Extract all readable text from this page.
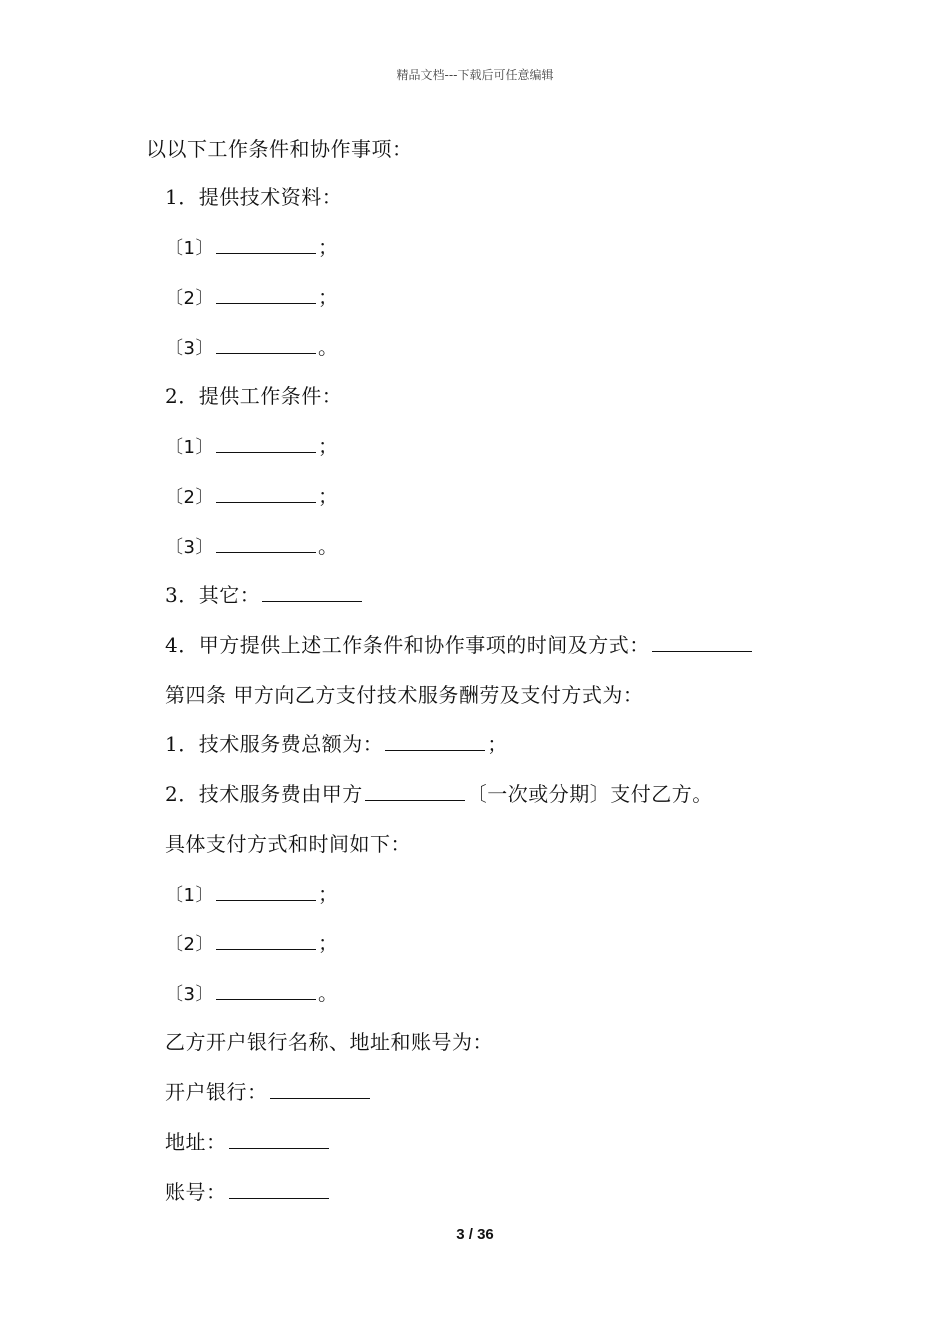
精品文档---下载后可任意编辑
以以下工作条件和协作事项：
1．提供技术资料：
〔1〕	；
〔2〕	；
〔3〕	。
2．提供工作条件：
〔1〕	；
〔2〕	；
〔3〕	。
3．其它：
4．甲方提供上述工作条件和协作事项的时间及方式：
第四条 甲方向乙方支付技术服务酬劳及支付方式为：
1．技术服务费总额为：	；
2．技术服务费由甲方	〔一次或分期〕支付乙方。
具体支付方式和时间如下：
〔1〕	；
〔2〕	；
〔3〕	。
乙方开户银行名称、地址和账号为：
开户银行：
地址：
账号：
3 / 36
